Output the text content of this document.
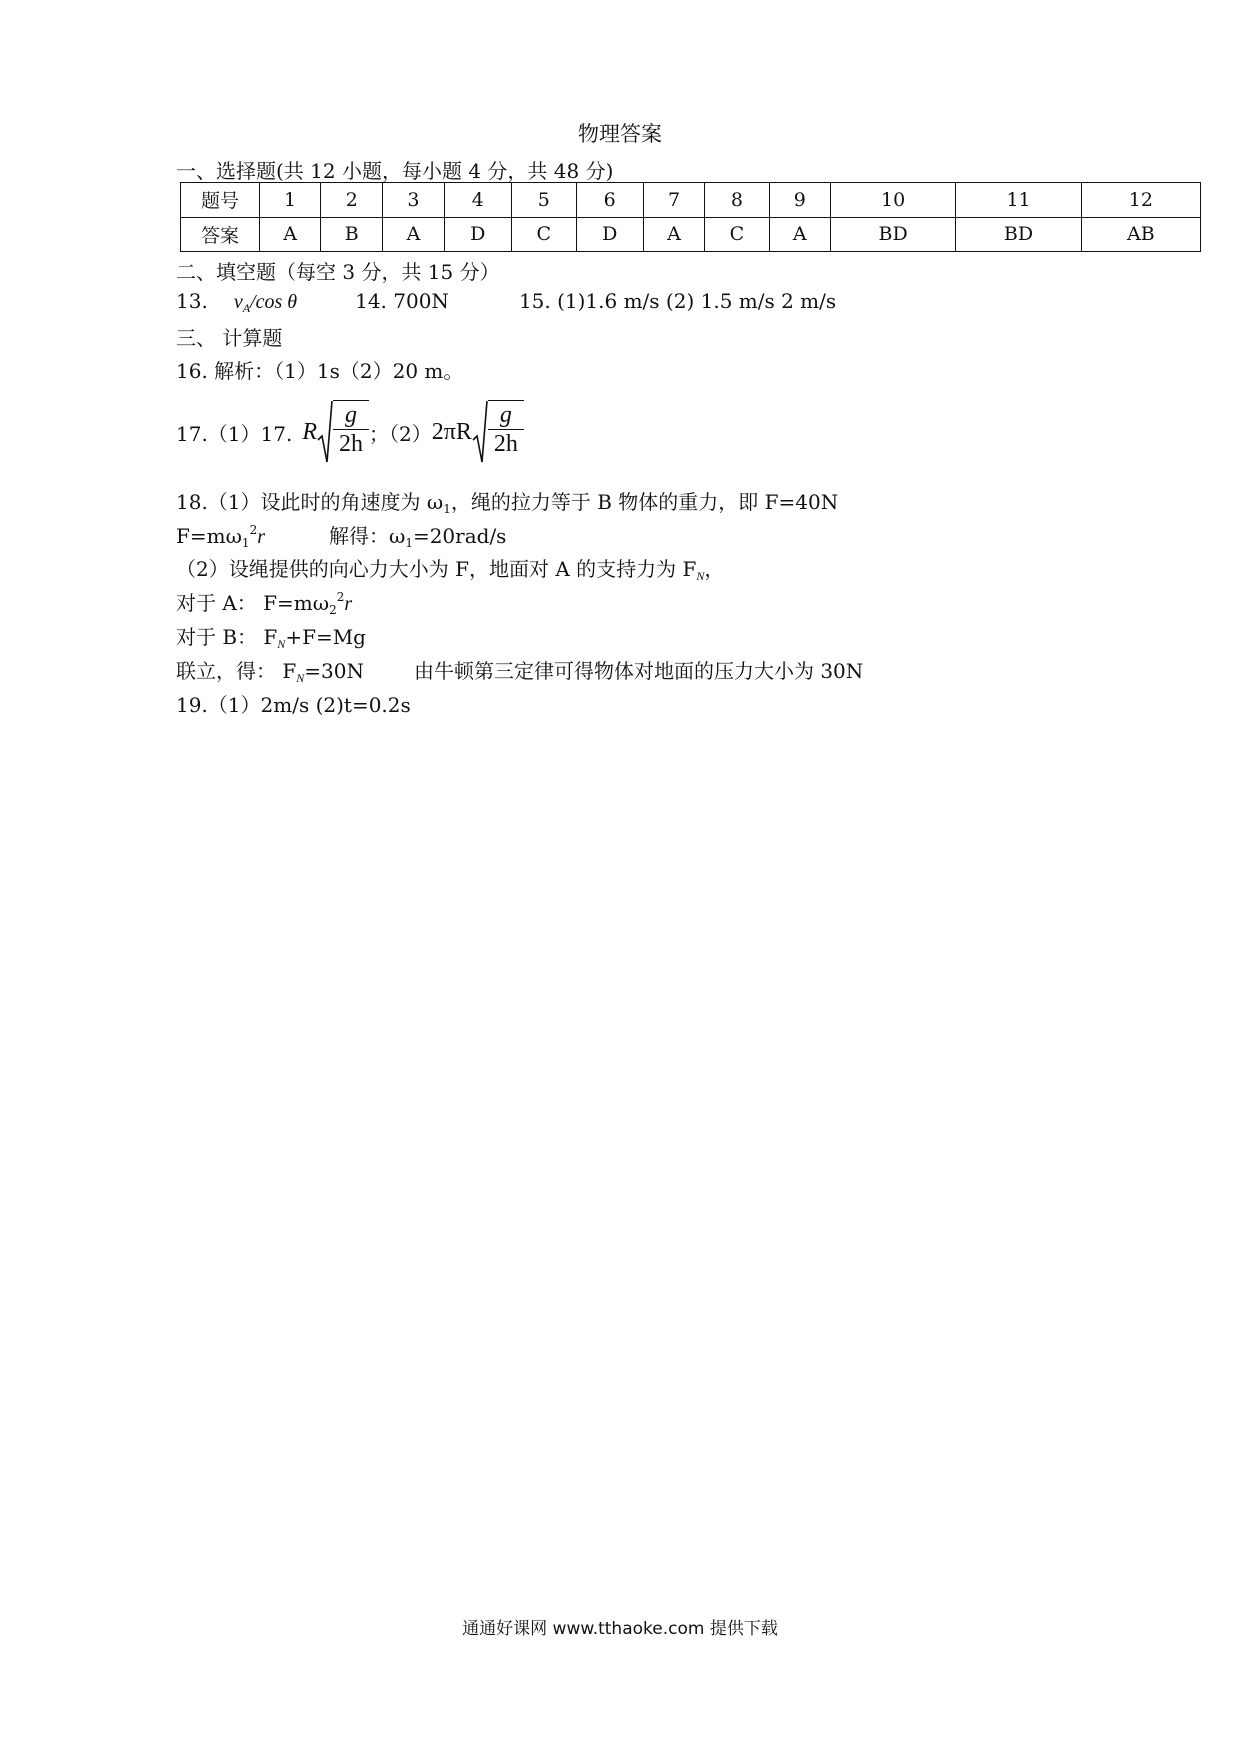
物理答案
一、选择题(共 12 小题，每小题 4 分，共 48 分)
题号	1	2	3	4	5	6	7	8	9	10	11	12
答案	A	B	A	D	C	D	A	C	A	BD	BD	AB
二、填空题（每空 3 分，共 15 分）
13. $v_A/\cos$ θ	14. 700N	15. (1)1.6 m/s (2) 1.5 m/s 2 m/s
三、 计算题
16. 解析：（1）1s（2）20 m。
17.（1）17. R
g
2h ；（2） 2πR
g
2h
18.（1）设此时的角速度为 $\omega_1$，绳的拉力等于 B 物体的重力，即 F=40N
$F=m\omega_1^2r$	解得：$\omega_1=20rad/s$
（2）设绳提供的向心力大小为 F，地面对 A 的支持力为 $F_N$，
对于 A： $F=m\omega_2^2r$
对于 B： $F_N+F=Mg$
联立，得： $F_N=30N$	由牛顿第三定律可得物体对地面的压力大小为 30N
19.（1）2m/s (2)t=0.2s
通通好课网 www.tthaoke.com 提供下载
